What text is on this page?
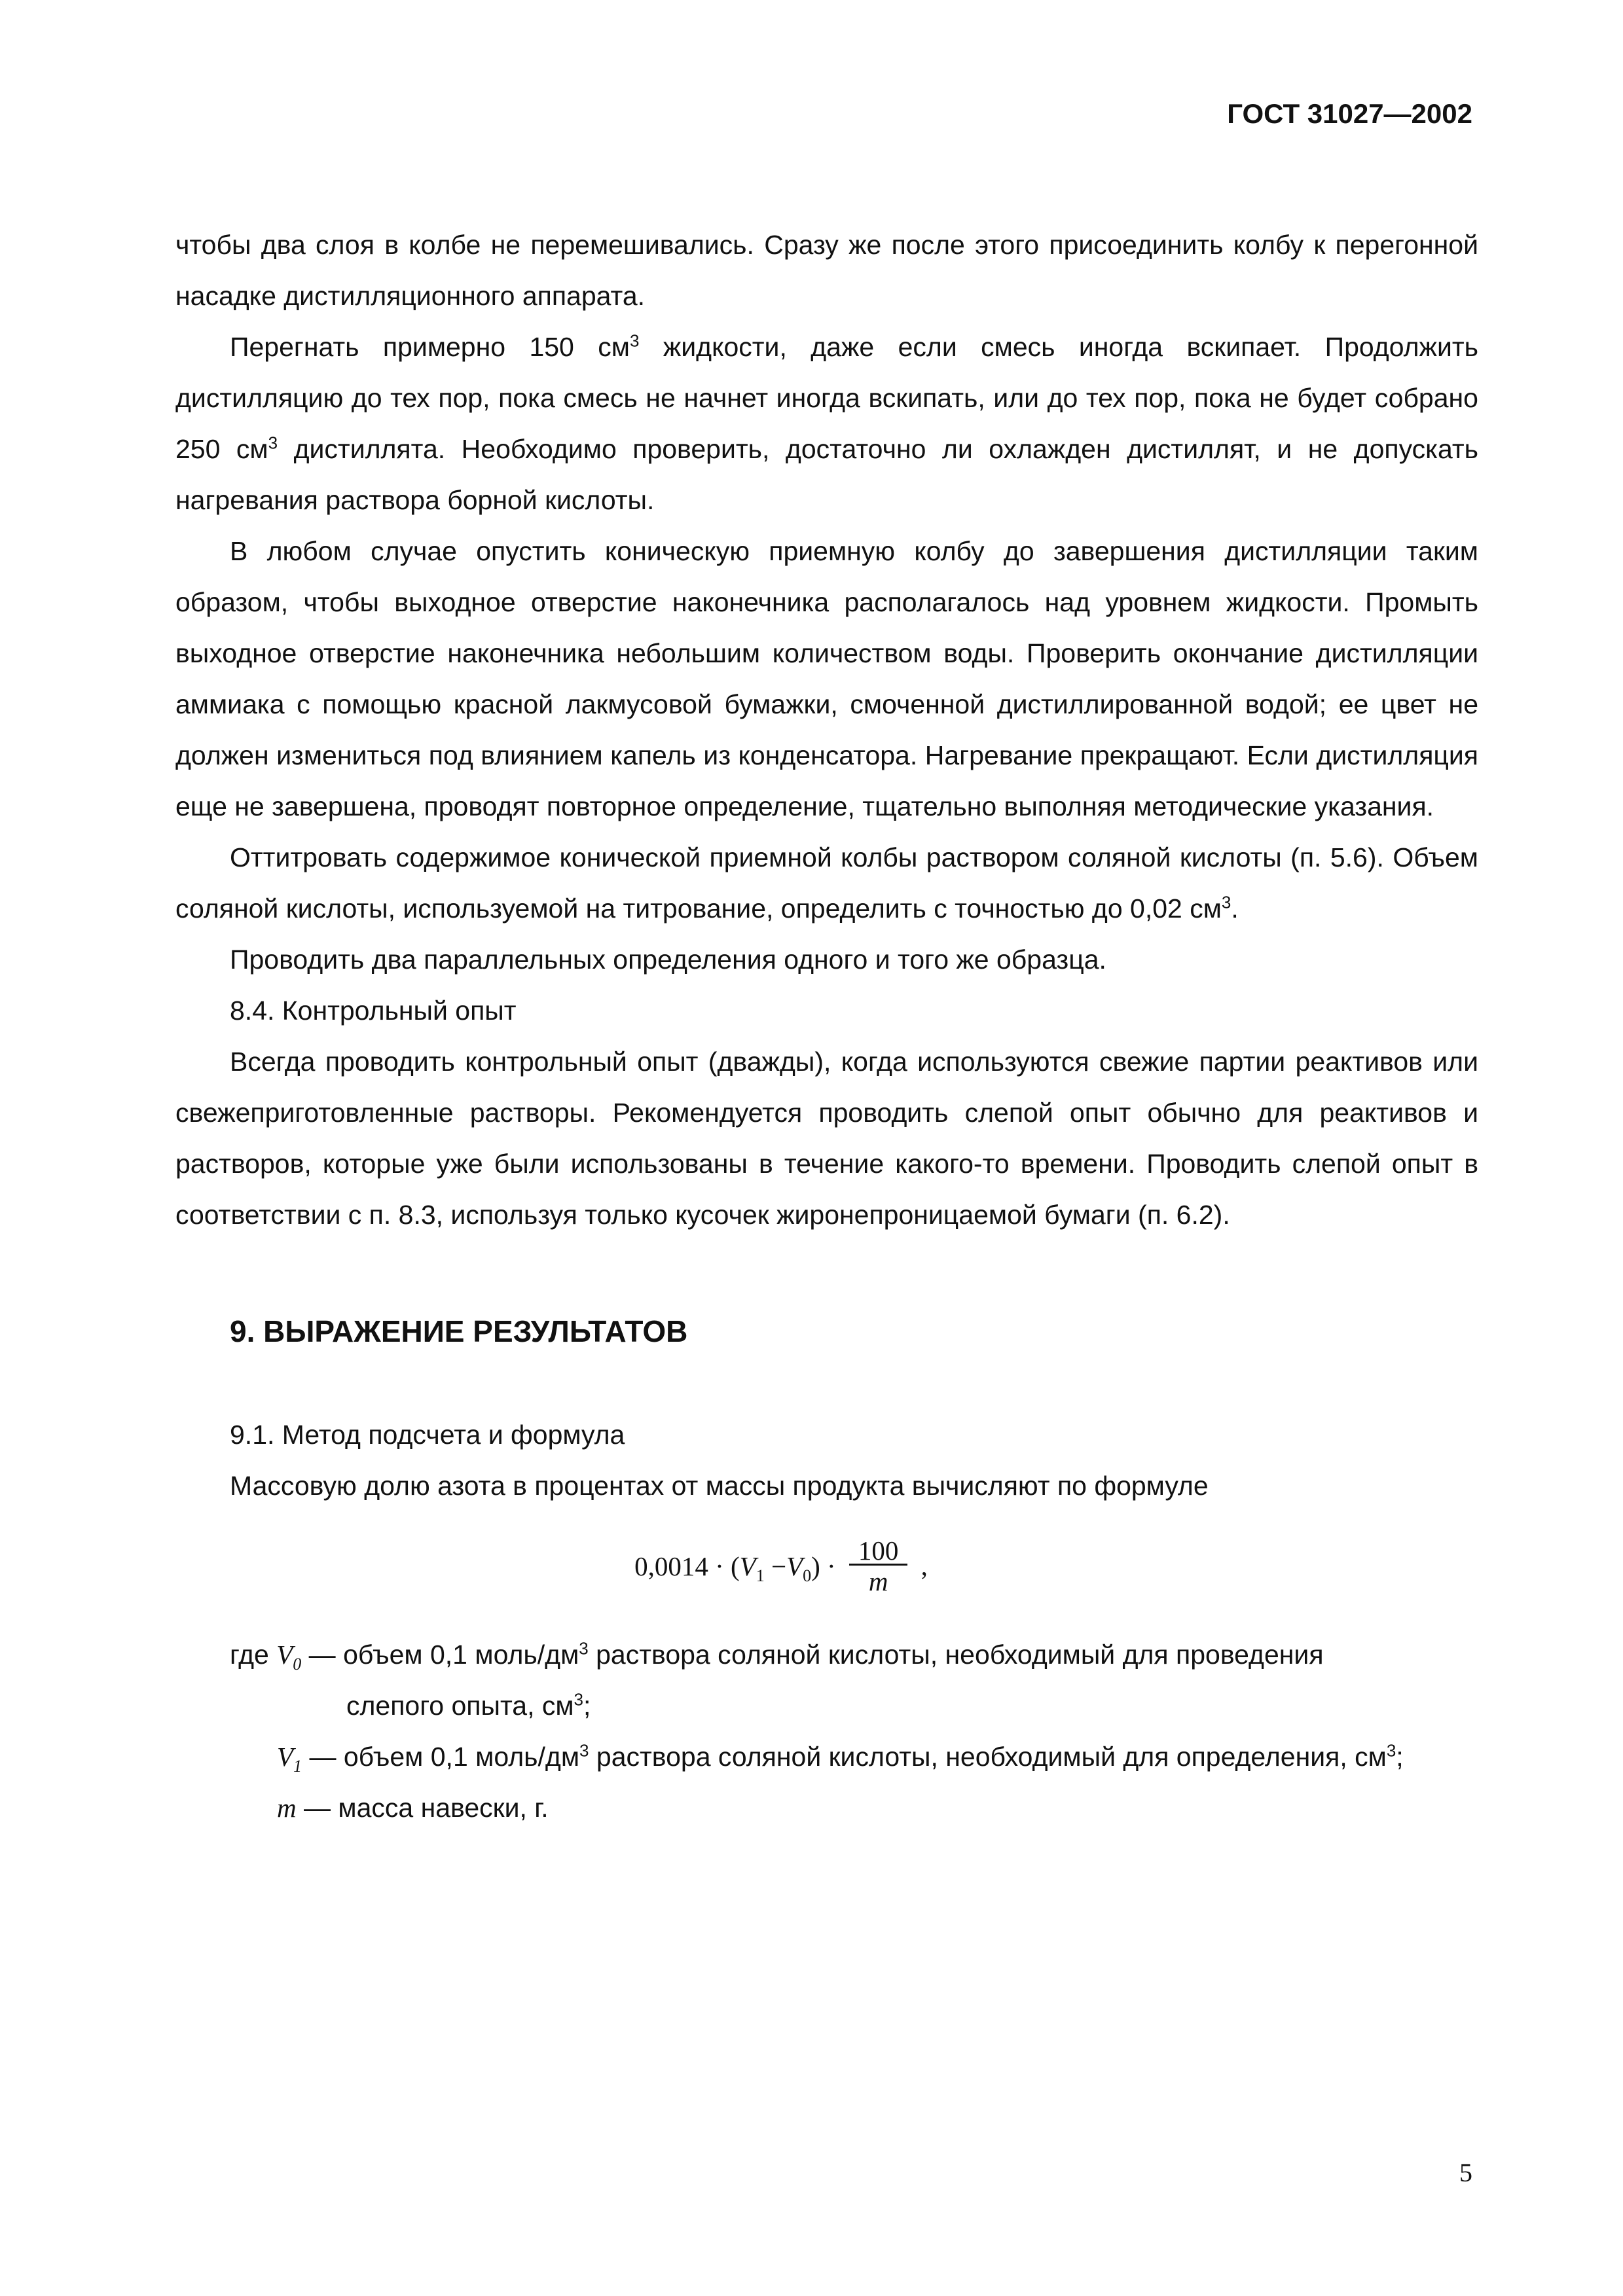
ГОСТ 31027—2002

чтобы два слоя в колбе не перемешивались. Сразу же после этого присоединить колбу к перегонной насадке дистилляционного аппарата.

Перегнать примерно 150 $см^3$ жидкости, даже если смесь иногда вскипает. Продолжить дистилляцию до тех пор, пока смесь не начнет иногда вскипать, или до тех пор, пока не будет собрано 250 $см^3$ дистиллята. Необходимо проверить, достаточно ли охлажден дистиллят, и не допускать нагревания раствора борной кислоты.

В любом случае опустить коническую приемную колбу до завершения дистилляции таким образом, чтобы выходное отверстие наконечника располагалось над уровнем жидкости. Промыть выходное отверстие наконечника небольшим количеством воды. Проверить окончание дистилляции аммиака с помощью красной лакмусовой бумажки, смоченной дистиллированной водой; ее цвет не должен измениться под влиянием капель из конденсатора. Нагревание прекращают. Если дистилляция еще не завершена, проводят повторное определение, тщательно выполняя методические указания.

Оттитровать содержимое конической приемной колбы раствором соляной кислоты (п. 5.6). Объем соляной кислоты, используемой на титрование, определить с точностью до 0,02 $см^3$.

Проводить два параллельных определения одного и того же образца.

8.4. Контрольный опыт

Всегда проводить контрольный опыт (дважды), когда используются свежие партии реактивов или свежеприготовленные растворы. Рекомендуется проводить слепой опыт обычно для реактивов и растворов, которые уже были использованы в течение какого-то времени. Проводить слепой опыт в соответствии с п. 8.3, используя только кусочек жиронепроницаемой бумаги (п. 6.2).

9. ВЫРАЖЕНИЕ РЕЗУЛЬТАТОВ

9.1. Метод подсчета и формула

Массовую долю азота в процентах от массы продукта вычисляют по формуле

$0,0014 \cdot (V_1 -V_0) \cdot \frac{100}{m}$ ,

где $V_0$ — объем 0,1 моль/$дм^3$ раствора соляной кислоты, необходимый для проведения
слепого опыта, $см^3$;

$V_1$ — объем 0,1 моль/$дм^3$ раствора соляной кислоты, необходимый для определения, $см^3$;

m — масса навески, г.

5
